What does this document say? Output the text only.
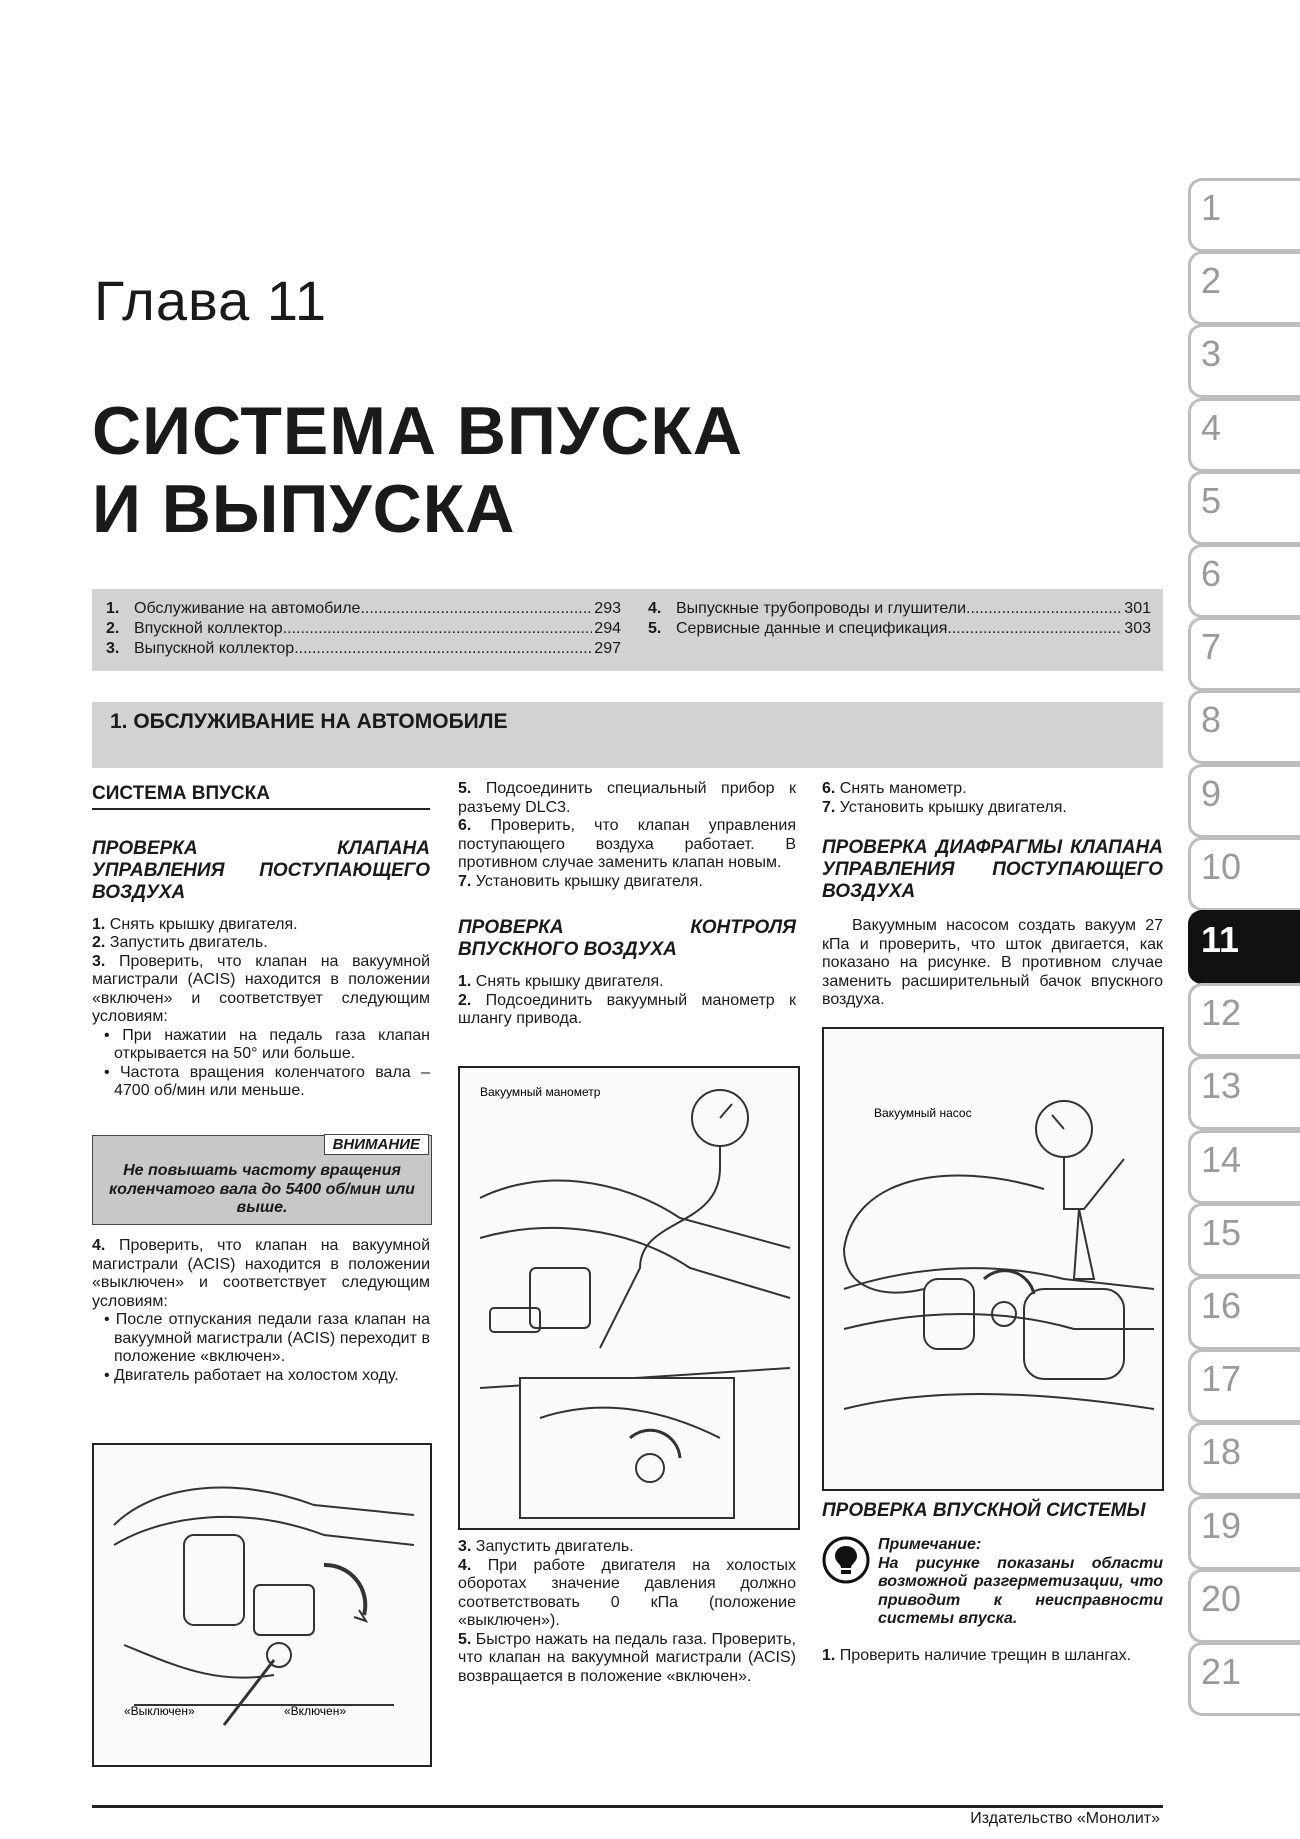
Глава 11
СИСТЕМА ВПУСКА
И ВЫПУСКА
1. Обслуживание на автомобиле .....	293
2. Впускной коллектор .....	294
3. Выпускной коллектор .....	297
4. Выпускные трубопроводы и глушители .....	301
5. Сервисные данные и спецификация .....	303
1. ОБСЛУЖИВАНИЕ НА АВТОМОБИЛЕ
СИСТЕМА ВПУСКА

ПРОВЕРКА КЛАПАНА УПРАВЛЕНИЯ ПОСТУПАЮЩЕГО ВОЗДУХА

1. Снять крышку двигателя.

2. Запустить двигатель.

3. Проверить, что клапан на вакуумной магистрали (ACIS) находится в положении «включен» и соответствует следующим условиям:

• При нажатии на педаль газа клапан открывается на 50° или больше.

• Частота вращения коленчатого вала – 4700 об/мин или меньше.

ВНИМАНИЕ
Не повышать частоту вращения коленчатого вала до 5400 об/мин или выше.

4. Проверить, что клапан на вакуумной магистрали (ACIS) находится в положении «выключен» и соответствует следующим условиям:

• После отпускания педали газа клапан на вакуумной магистрали (ACIS) переходит в положение «включен».

• Двигатель работает на холостом ходу.

«Выключен»	«Включен»

5. Подсоединить специальный прибор к разъему DLC3.

6. Проверить, что клапан управления поступающего воздуха работает. В противном случае заменить клапан новым.

7. Установить крышку двигателя.

ПРОВЕРКА КОНТРОЛЯ ВПУСКНОГО ВОЗДУХА

1. Снять крышку двигателя.

2. Подсоединить вакуумный манометр к шлангу привода.

Вакуумный манометр

3. Запустить двигатель.

4. При работе двигателя на холостых оборотах значение давления должно соответствовать 0 кПа (положение «выключен»).

5. Быстро нажать на педаль газа. Проверить, что клапан на вакуумной магистрали (ACIS) возвращается в положение «включен».

6. Снять манометр.

7. Установить крышку двигателя.

ПРОВЕРКА ДИАФРАГМЫ КЛАПАНА УПРАВЛЕНИЯ ПОСТУПАЮЩЕГО ВОЗДУХА

Вакуумным насосом создать вакуум 27 кПа и проверить, что шток двигается, как показано на рисунке. В противном случае заменить расширительный бачок впускного воздуха.

Вакуумный насос

ПРОВЕРКА ВПУСКНОЙ СИСТЕМЫ

Примечание:
На рисунке показаны области возможной разгерметизации, что приводит к неисправности системы впуска.

1. Проверить наличие трещин в шлангах.

1
2
3
4
5
6
7
8
9
10
11
12
13
14
15
16
17
18
19
20
21
Издательство «Монолит»
